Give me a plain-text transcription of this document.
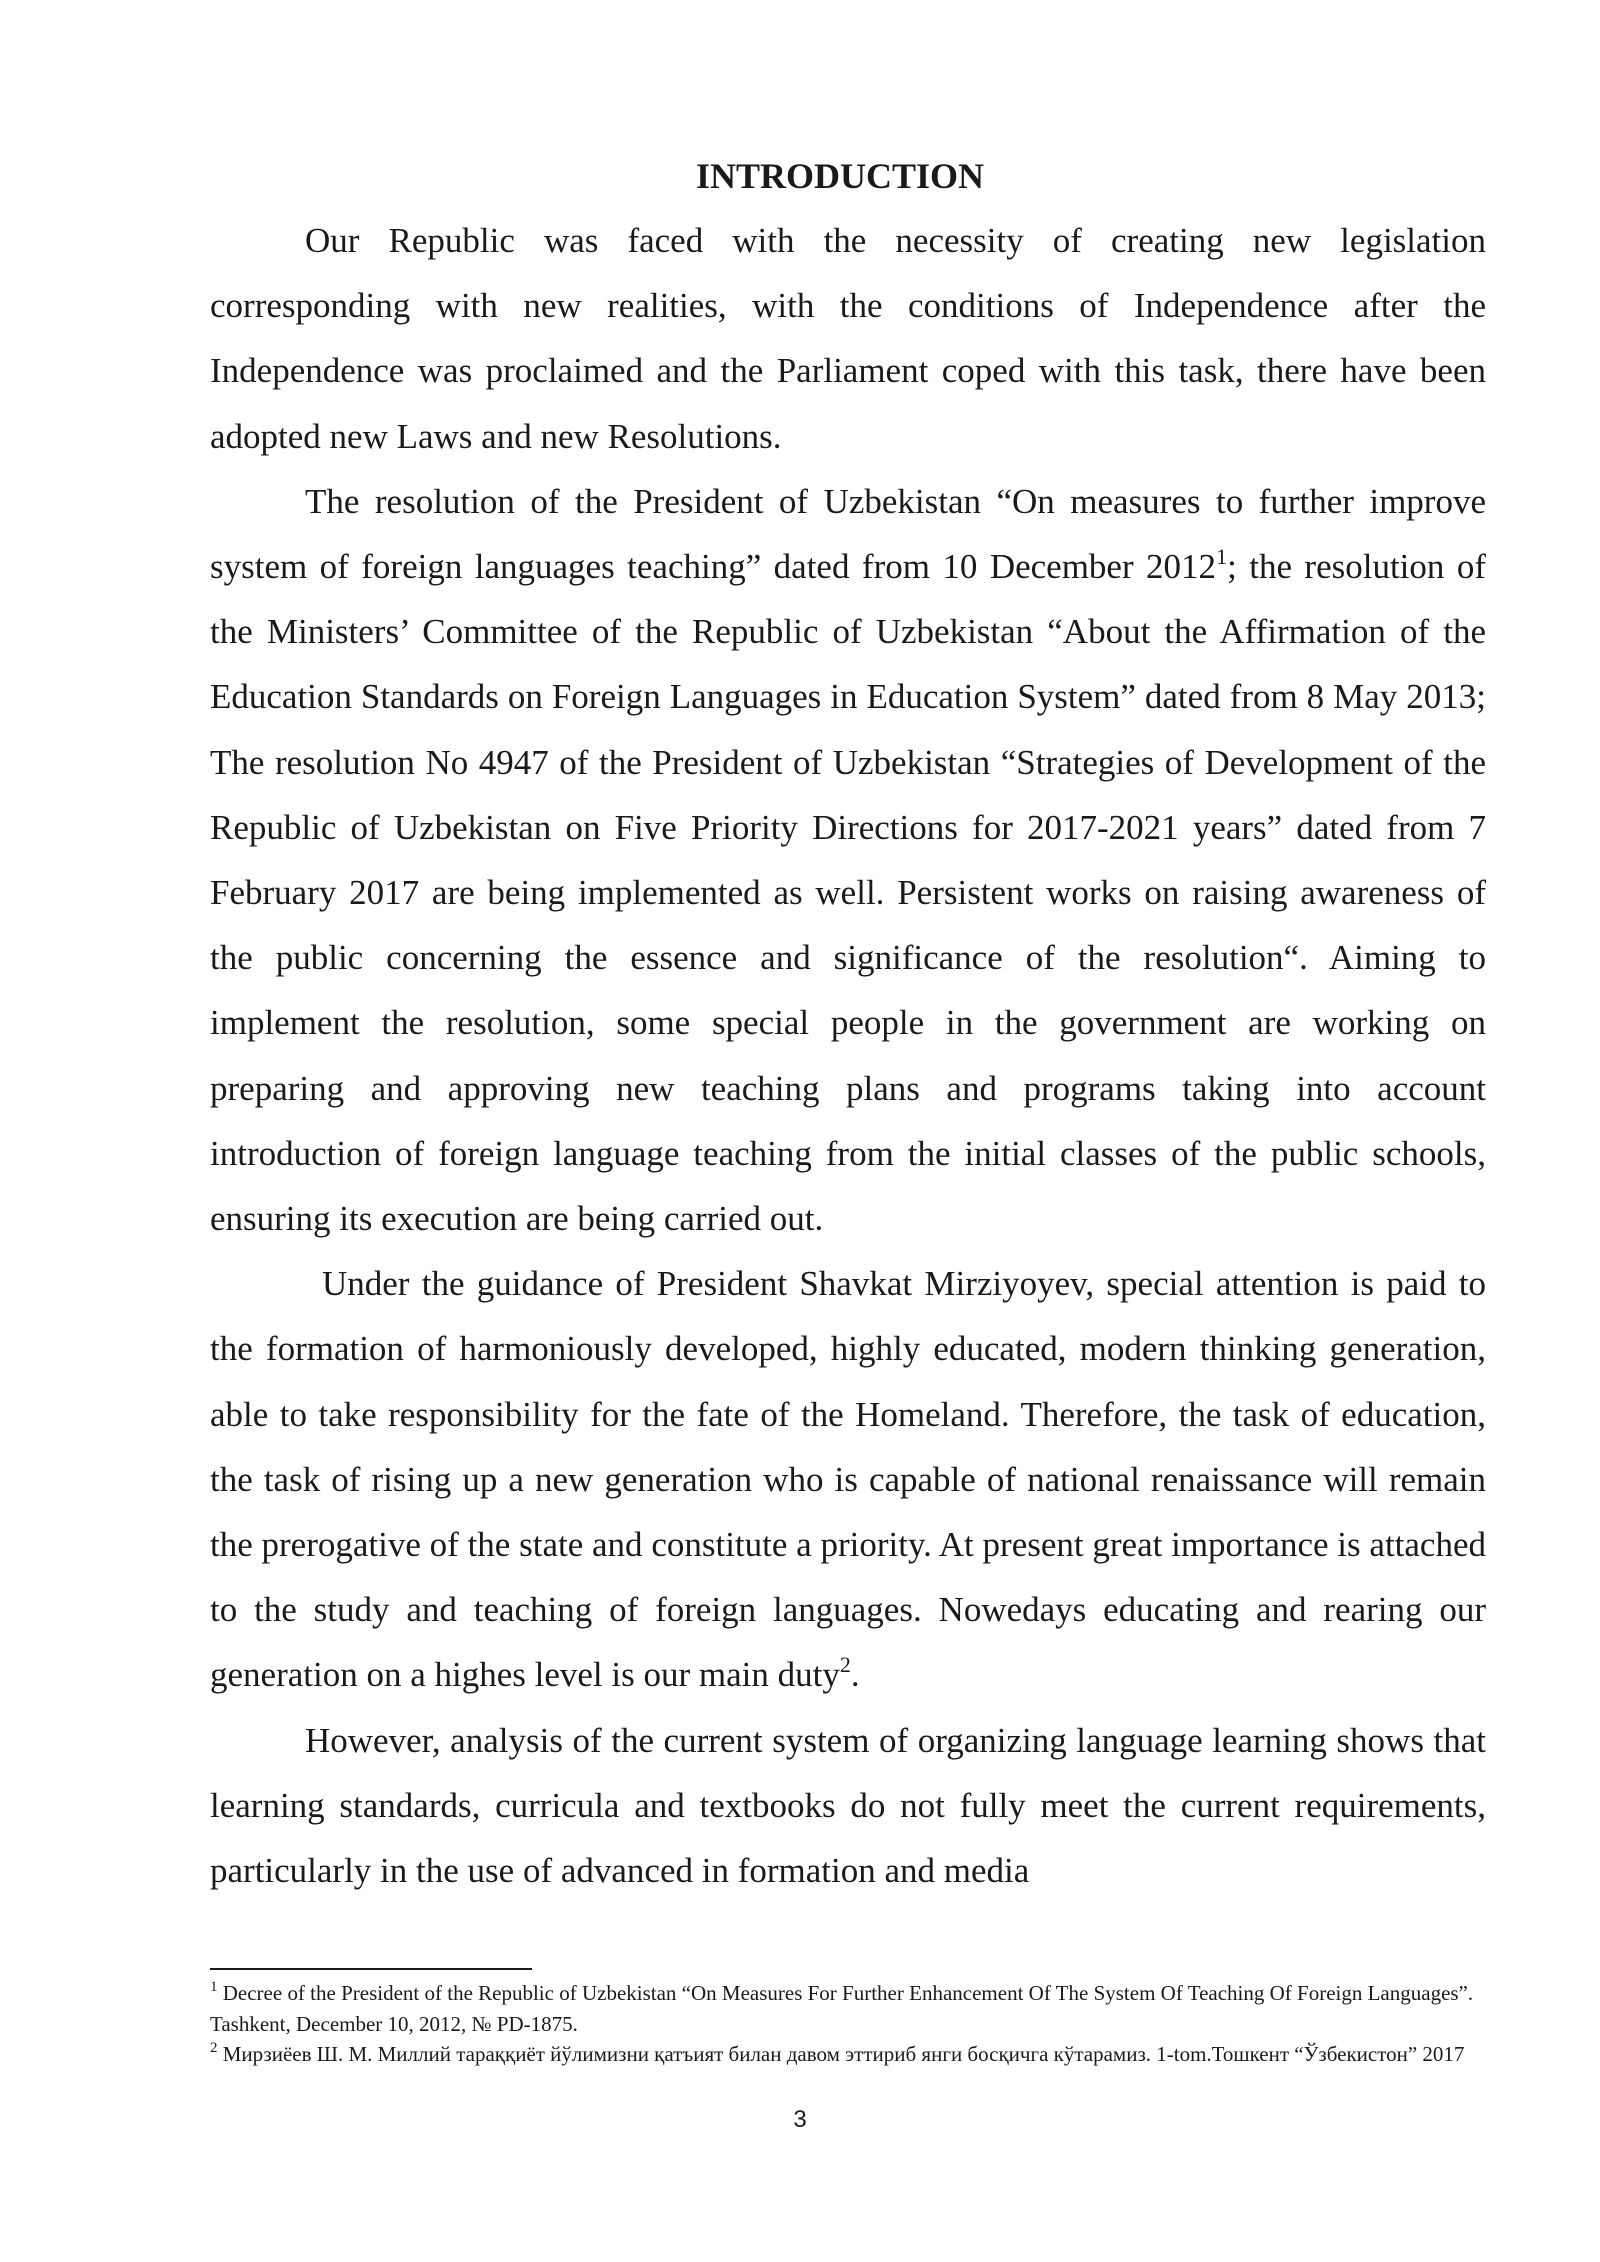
INTRODUCTION

Our Republic was faced with the necessity of creating new legislation corresponding with new realities, with the conditions of Independence after the Independence was proclaimed and the Parliament coped with this task, there have been adopted new Laws and new Resolutions.

The resolution of the President of Uzbekistan “On measures to further improve system of foreign languages teaching” dated from 10 December 2012$^1$; the resolution of the Ministers’ Committee of the Republic of Uzbekistan “About the Affirmation of the Education Standards on Foreign Languages in Education System” dated from 8 May 2013; The resolution No 4947 of the President of Uzbekistan “Strategies of Development of the Republic of Uzbekistan on Five Priority Directions for 2017-2021 years” dated from 7 February 2017 are being implemented as well. Persistent works on raising awareness of the public concerning the essence and significance of the resolution“. Aiming to implement the resolution, some special people in the government are working on preparing and approving new teaching plans and programs taking into account introduction of foreign language teaching from the initial classes of the public schools, ensuring its execution are being carried out.

Under the guidance of President Shavkat Mirziyoyev, special attention is paid to the formation of harmoniously developed, highly educated, modern thinking generation, able to take responsibility for the fate of the Homeland. Therefore, the task of education, the task of rising up a new generation who is capable of national renaissance will remain the prerogative of the state and constitute a priority. At present great importance is attached to the study and teaching of foreign languages. Nowedays educating and rearing our generation on a highes level is our main duty$^2$.

However, analysis of the current system of organizing language learning shows that learning standards, curricula and textbooks do not fully meet the current requirements, particularly in the use of advanced in formation and media

$^1$ Decree of the President of the Republic of Uzbekistan “On Measures For Further Enhancement Of The System Of Teaching Of Foreign Languages”. Tashkent, December 10, 2012, № PD-1875.

$^2$ Мирзиёев Ш. М. Миллий тараққиёт йўлимизни қатъият билан давом эттириб янги босқичга кўтарамиз. 1-tom.Тошкент “Ўзбекистон” 2017

3
